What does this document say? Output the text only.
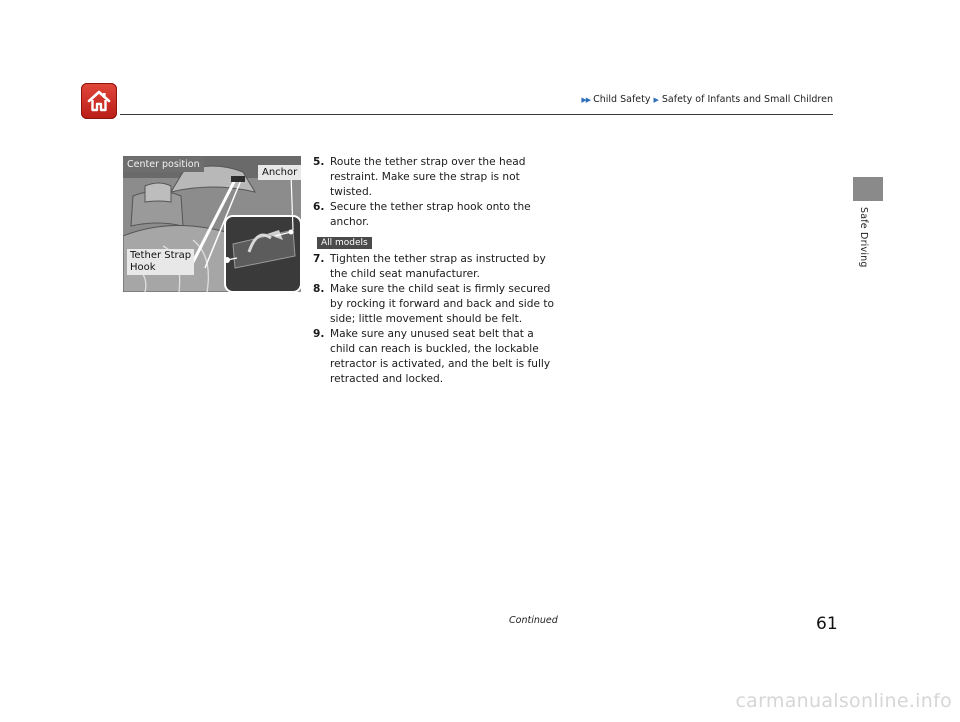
▶▶ Child Safety ▶ Safety of Infants and Small Children
Safe Driving
Center position
Anchor
Tether Strap
Hook
5. Route the tether strap over the head restraint. Make sure the strap is not twisted.
6. Secure the tether strap hook onto the anchor.
All models
7. Tighten the tether strap as instructed by the child seat manufacturer.
8. Make sure the child seat is firmly secured by rocking it forward and back and side to side; little movement should be felt.
9. Make sure any unused seat belt that a child can reach is buckled, the lockable retractor is activated, and the belt is fully retracted and locked.
Continued	61
carmanualsonline.info
